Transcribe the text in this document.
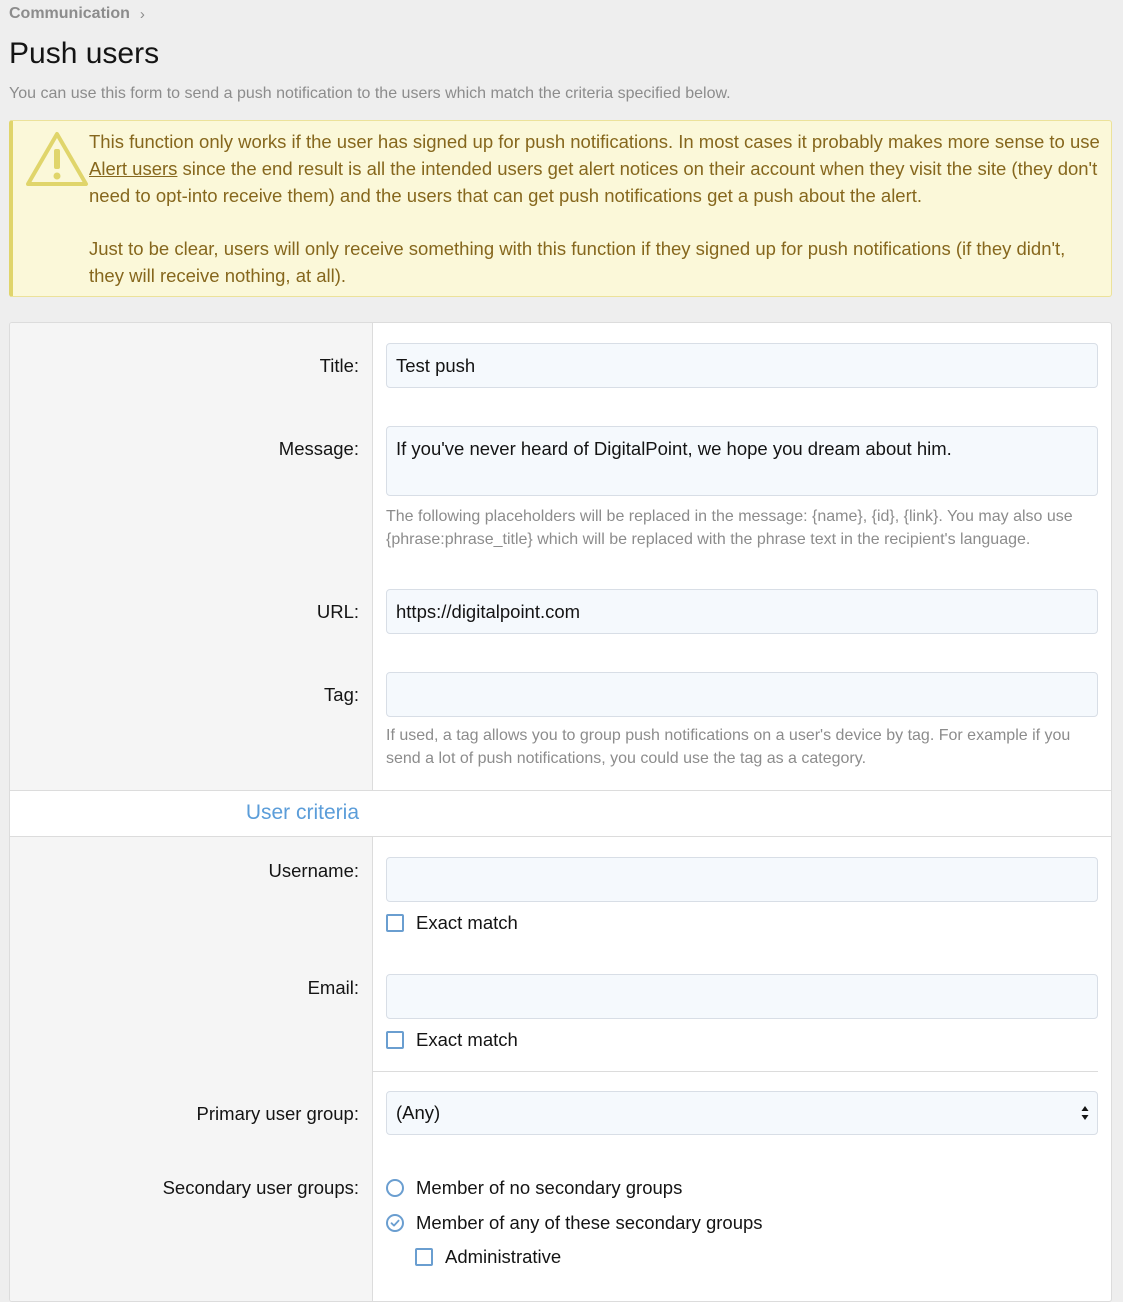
Communication ›
Push users
You can use this form to send a push notification to the users which match the criteria specified below.

This function only works if the user has signed up for push notifications. In most cases it probably makes more sense to use Alert users since the end result is all the intended users get alert notices on their account when they visit the site (they don't need to opt-into receive them) and the users that can get push notifications get a push about the alert.

Just to be clear, users will only receive something with this function if they signed up for push notifications (if they didn't, they will receive nothing, at all).

Title:	Test push
Message:	If you've never heard of DigitalPoint, we hope you dream about him.
The following placeholders will be replaced in the message: {name}, {id}, {link}. You may also use {phrase:phrase_title} which will be replaced with the phrase text in the recipient's language.
URL:	https://digitalpoint.com
Tag:
If used, a tag allows you to group push notifications on a user's device by tag. For example if you send a lot of push notifications, you could use the tag as a category.
User criteria
Username:
Exact match
Email:
Exact match
Primary user group:	(Any)
Secondary user groups:	Member of no secondary groups
Member of any of these secondary groups
Administrative
